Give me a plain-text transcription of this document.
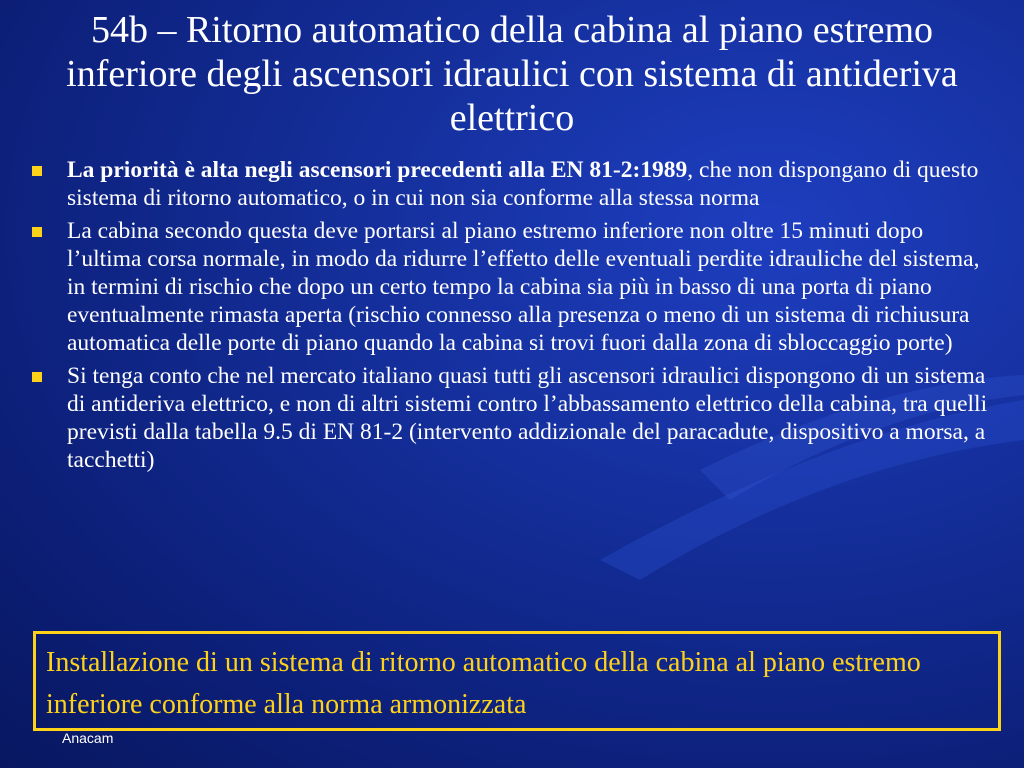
54b – Ritorno automatico della cabina al piano estremo inferiore degli ascensori idraulici con sistema di antideriva elettrico
La priorità è alta negli ascensori precedenti alla EN 81-2:1989, che non dispongano di questo sistema di ritorno automatico, o in cui non sia conforme alla stessa norma
La cabina secondo questa deve portarsi al piano estremo inferiore non oltre 15 minuti dopo l’ultima corsa normale, in modo da ridurre l’effetto delle eventuali perdite idrauliche del sistema, in termini di rischio che dopo un certo tempo la cabina sia più in basso di una porta di piano eventualmente rimasta aperta (rischio connesso alla presenza o meno di un sistema di richiusura automatica delle porte di piano quando la cabina si trovi fuori dalla zona di sbloccaggio porte)
Si tenga conto che nel mercato italiano quasi tutti gli ascensori idraulici dispongono di un sistema di antideriva elettrico, e non di altri sistemi contro l’abbassamento elettrico della cabina, tra quelli previsti dalla tabella 9.5 di EN 81-2 (intervento addizionale del paracadute, dispositivo a morsa, a tacchetti)
Installazione di un sistema di ritorno automatico della cabina al piano estremo inferiore conforme alla norma armonizzata
Anacam
